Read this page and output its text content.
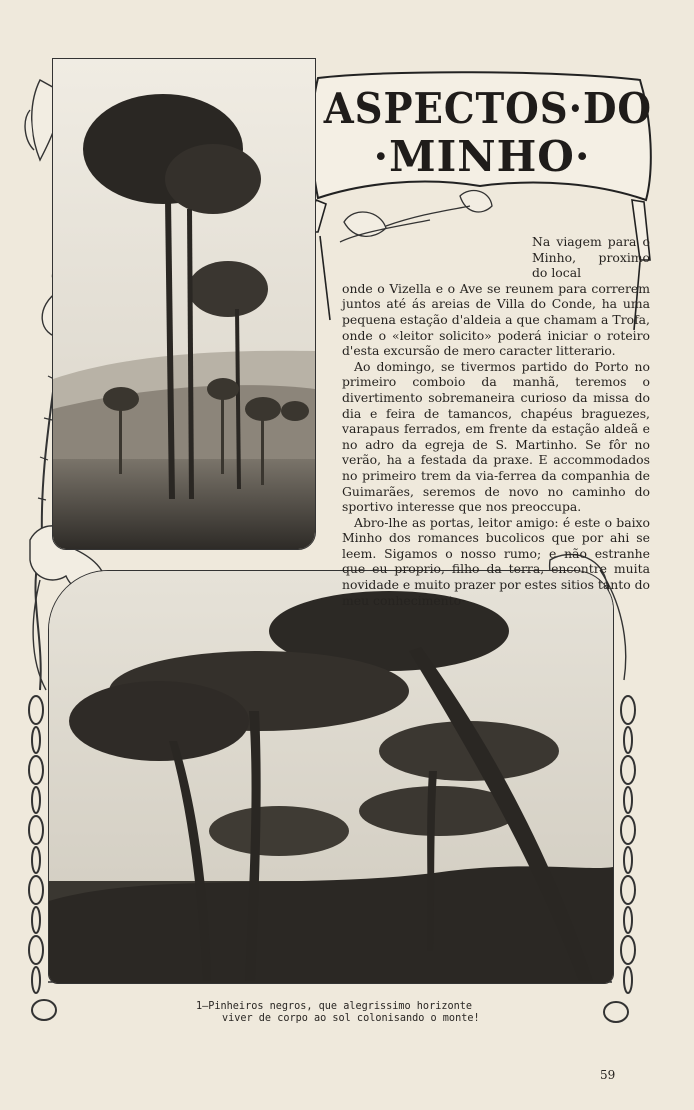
ASPECTOS·DO
·MINHO·

Na viagem para o Minho, proximo do local

onde o Vizella e o Ave se reunem para correrem juntos até ás areias de Villa do Conde, ha uma pequena estação d'aldeia a que chamam a Trofa, onde o «leitor solicito» poderá iniciar o roteiro d'esta excursão de mero caracter litterario.

Ao domingo, se tivermos partido do Porto no primeiro comboio da manhã, teremos o divertimento sobremaneira curioso da missa do dia e feira de tamancos, chapéus braguezes, varapaus ferrados, em frente da estação aldeã e no adro da egreja de S. Martinho. Se fôr no verão, ha a festada da praxe. E accommodados no primeiro trem da via-ferrea da companhia de Guimarães, seremos de novo no caminho do sportivo interesse que nos preoccupa.

Abro-lhe as portas, leitor amigo: é este o baixo Minho dos romances bucolicos que por ahi se leem. Sigamos o nosso rumo; e não estranhe que eu proprio, filho da terra, encontre muita novidade e muito prazer por estes sitios tanto do meu conhecimento·

1—Pinheiros negros, que alegrissimo horizonte
viver de corpo ao sol colonisando o monte!
59
